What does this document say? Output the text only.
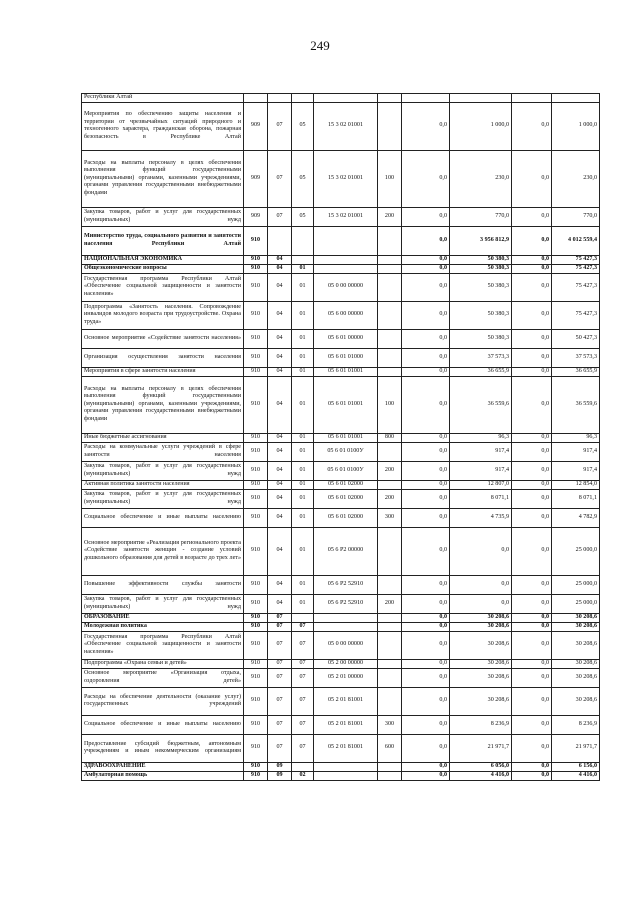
249
Республики Алтай									
Мероприятия по обеспечению защиты населения и территории от чрезвычайных ситуаций природного и техногенного характера, гражданская оборона, пожарная безопасность в Республике Алтай	909	07	05	15 3 02 01001		0,0	1 000,0	0,0	1 000,0
Расходы на выплаты персоналу в целях обеспечения выполнения функций государственными (муниципальными) органами, казенными учреждениями, органами управления государственными внебюджетными фондами	909	07	05	15 3 02 01001	100	0,0	230,0	0,0	230,0
Закупка товаров, работ и услуг для государственных (муниципальных) нужд	909	07	05	15 3 02 01001	200	0,0	770,0	0,0	770,0
Министерство труда, социального развития и занятости населения Республики Алтай	910					0,0	3 956 812,9	0,0	4 012 559,4
НАЦИОНАЛЬНАЯ ЭКОНОМИКА	910	04				0,0	50 380,3	0,0	75 427,3
Общеэкономические вопросы	910	04	01			0,0	50 380,3	0,0	75 427,3
Государственная программа Республики Алтай «Обеспечение социальной защищенности и занятости населения»	910	04	01	05 0 00 00000		0,0	50 380,3	0,0	75 427,3
Подпрограмма «Занятость населения. Сопровождение инвалидов молодого возраста при трудоустройстве. Охрана труда»	910	04	01	05 6 00 00000		0,0	50 380,3	0,0	75 427,3
Основное мероприятие «Содействие занятости населения»	910	04	01	05 6 01 00000		0,0	50 380,3	0,0	50 427,3
Организация осуществления занятости населения	910	04	01	05 6 01 01000		0,0	37 573,3	0,0	37 573,3
Мероприятия в сфере занятости населения	910	04	01	05 6 01 01001		0,0	36 655,9	0,0	36 655,9
Расходы на выплаты персоналу в целях обеспечения выполнения функций государственными (муниципальными) органами, казенными учреждениями, органами управления государственными внебюджетными фондами	910	04	01	05 6 01 01001	100	0,0	36 559,6	0,0	36 559,6
Иные бюджетные ассигнования	910	04	01	05 6 01 01001	800	0,0	96,3	0,0	96,3
Расходы на коммунальные услуги учреждений в сфере занятости населения	910	04	01	05 6 01 0100У		0,0	917,4	0,0	917,4
Закупка товаров, работ и услуг для государственных (муниципальных) нужд	910	04	01	05 6 01 0100У	200	0,0	917,4	0,0	917,4
Активная политика занятости населения	910	04	01	05 6 01 02000		0,0	12 807,0	0,0	12 854,0
Закупка товаров, работ и услуг для государственных (муниципальных) нужд	910	04	01	05 6 01 02000	200	0,0	8 071,1	0,0	8 071,1
Социальное обеспечение и иные выплаты населению	910	04	01	05 6 01 02000	300	0,0	4 735,9	0,0	4 782,9
Основное мероприятие «Реализация регионального проекта «Содействие занятости женщин - создание условий дошкольного образования для детей в возрасте до трех лет»	910	04	01	05 6 P2 00000		0,0	0,0	0,0	25 000,0
Повышение эффективности службы занятости	910	04	01	05 6 P2 52910		0,0	0,0	0,0	25 000,0
Закупка товаров, работ и услуг для государственных (муниципальных) нужд	910	04	01	05 6 P2 52910	200	0,0	0,0	0,0	25 000,0
ОБРАЗОВАНИЕ	910	07				0,0	30 208,6	0,0	30 208,6
Молодежная политика	910	07	07			0,0	30 208,6	0,0	30 208,6
Государственная программа Республики Алтай «Обеспечение социальной защищенности и занятости населения»	910	07	07	05 0 00 00000		0,0	30 208,6	0,0	30 208,6
Подпрограмма «Охрана семьи и детей»	910	07	07	05 2 00 00000		0,0	30 208,6	0,0	30 208,6
Основное мероприятие «Организация отдыха, оздоровления детей»	910	07	07	05 2 01 00000		0,0	30 208,6	0,0	30 208,6
Расходы на обеспечение деятельности (оказание услуг) государственных учреждений	910	07	07	05 2 01 81001		0,0	30 208,6	0,0	30 208,6
Социальное обеспечение и иные выплаты населению	910	07	07	05 2 01 81001	300	0,0	8 236,9	0,0	8 236,9
Предоставление субсидий бюджетным, автономным учреждениям и иным некоммерческим организациям	910	07	07	05 2 01 81001	600	0,0	21 971,7	0,0	21 971,7
ЗДРАВООХРАНЕНИЕ	910	09				0,0	6 056,0	0,0	6 156,0
Амбулаторная помощь	910	09	02			0,0	4 416,0	0,0	4 416,0
